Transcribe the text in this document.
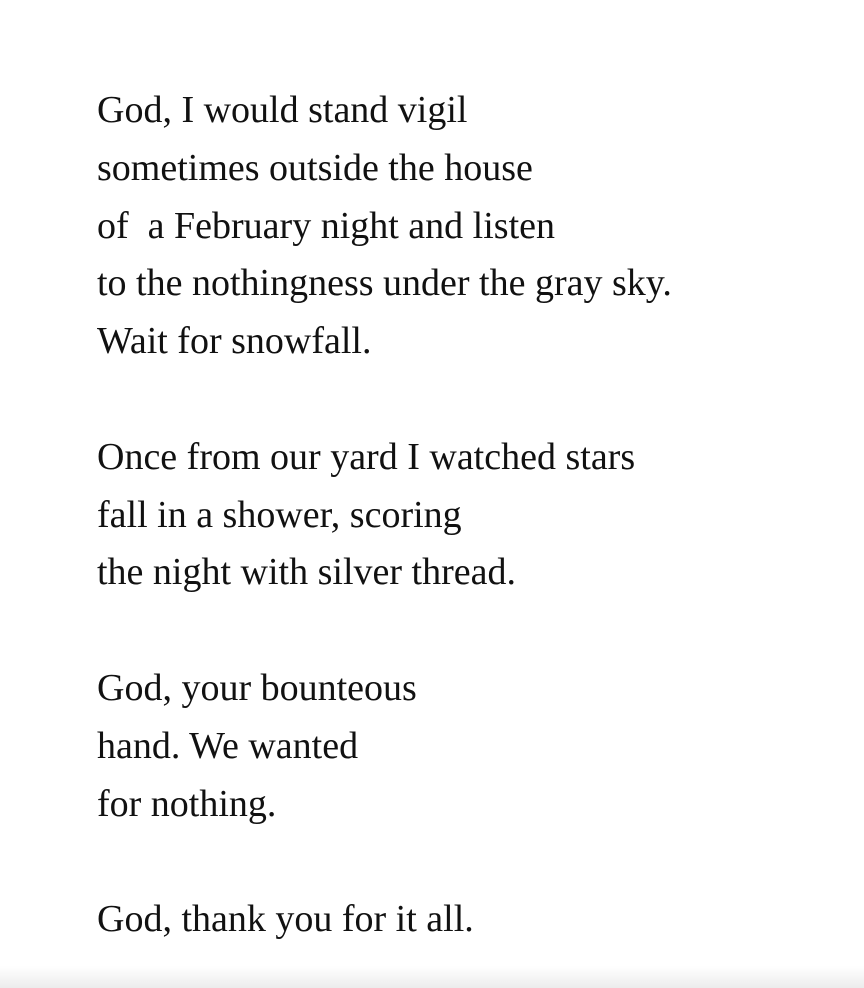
God, I would stand vigil
sometimes outside the house
of  a February night and listen
to the nothingness under the gray sky.
Wait for snowfall.
Once from our yard I watched stars
fall in a shower, scoring
the night with silver thread.
God, your bounteous
hand. We wanted
for nothing.
God, thank you for it all.
